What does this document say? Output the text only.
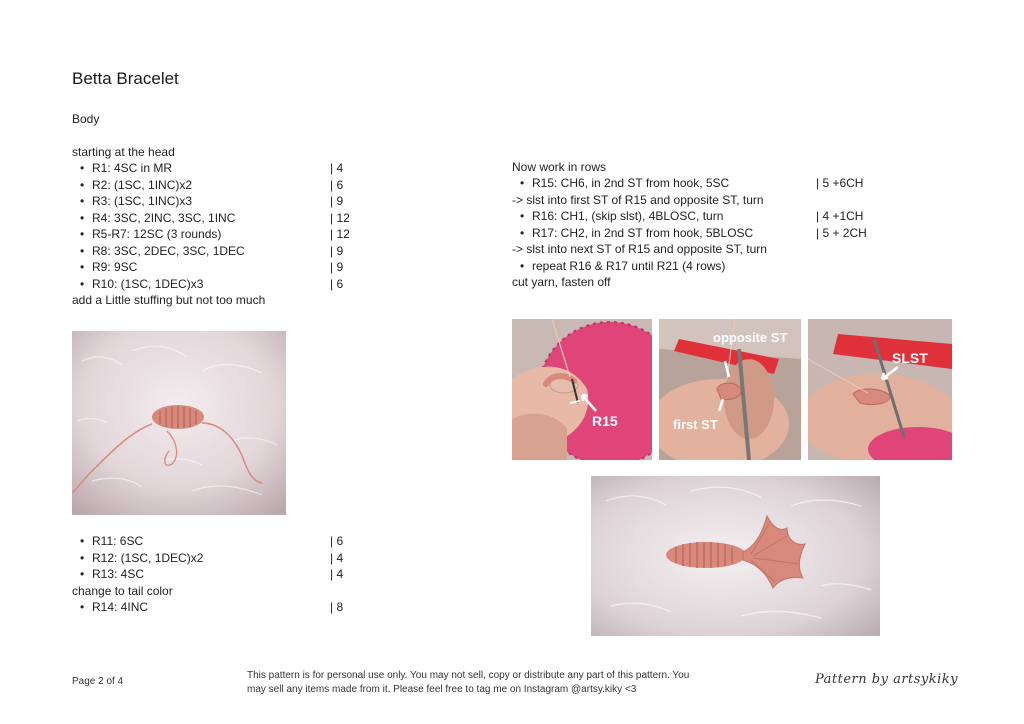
Betta Bracelet
Body
starting at the head
• R1: 4SC in MR	| 4
• R2: (1SC, 1INC)x2	| 6
• R3: (1SC, 1INC)x3	| 9
• R4: 3SC, 2INC, 3SC, 1INC	| 12
• R5-R7: 12SC (3 rounds)	| 12
• R8: 3SC, 2DEC, 3SC, 1DEC	| 9
• R9: 9SC	| 9
• R10: (1SC, 1DEC)x3	| 6
add a Little stuffing but not too much
• R11: 6SC	| 6
• R12: (1SC, 1DEC)x2	| 4
• R13: 4SC	| 4
change to tail color
• R14: 4INC	| 8
Now work in rows
• R15: CH6, in 2nd ST from hook, 5SC	| 5 +6CH
-> slst into first ST of R15 and opposite ST, turn
• R16: CH1, (skip slst), 4BLOSC, turn	| 4 +1CH
• R17: CH2, in 2nd ST from hook, 5BLOSC	| 5 + 2CH
-> slst into next ST of R15 and opposite ST, turn
• repeat R16 & R17 until R21 (4 rows)
cut yarn, fasten off
R15
opposite ST
first ST
SLST
Page 2 of 4
This pattern is for personal use only. You may not sell, copy or distribute any part of this pattern. You may sell any items made from it. Please feel free to tag me on Instagram @artsy.kiky <3
Pattern by artsykiky
